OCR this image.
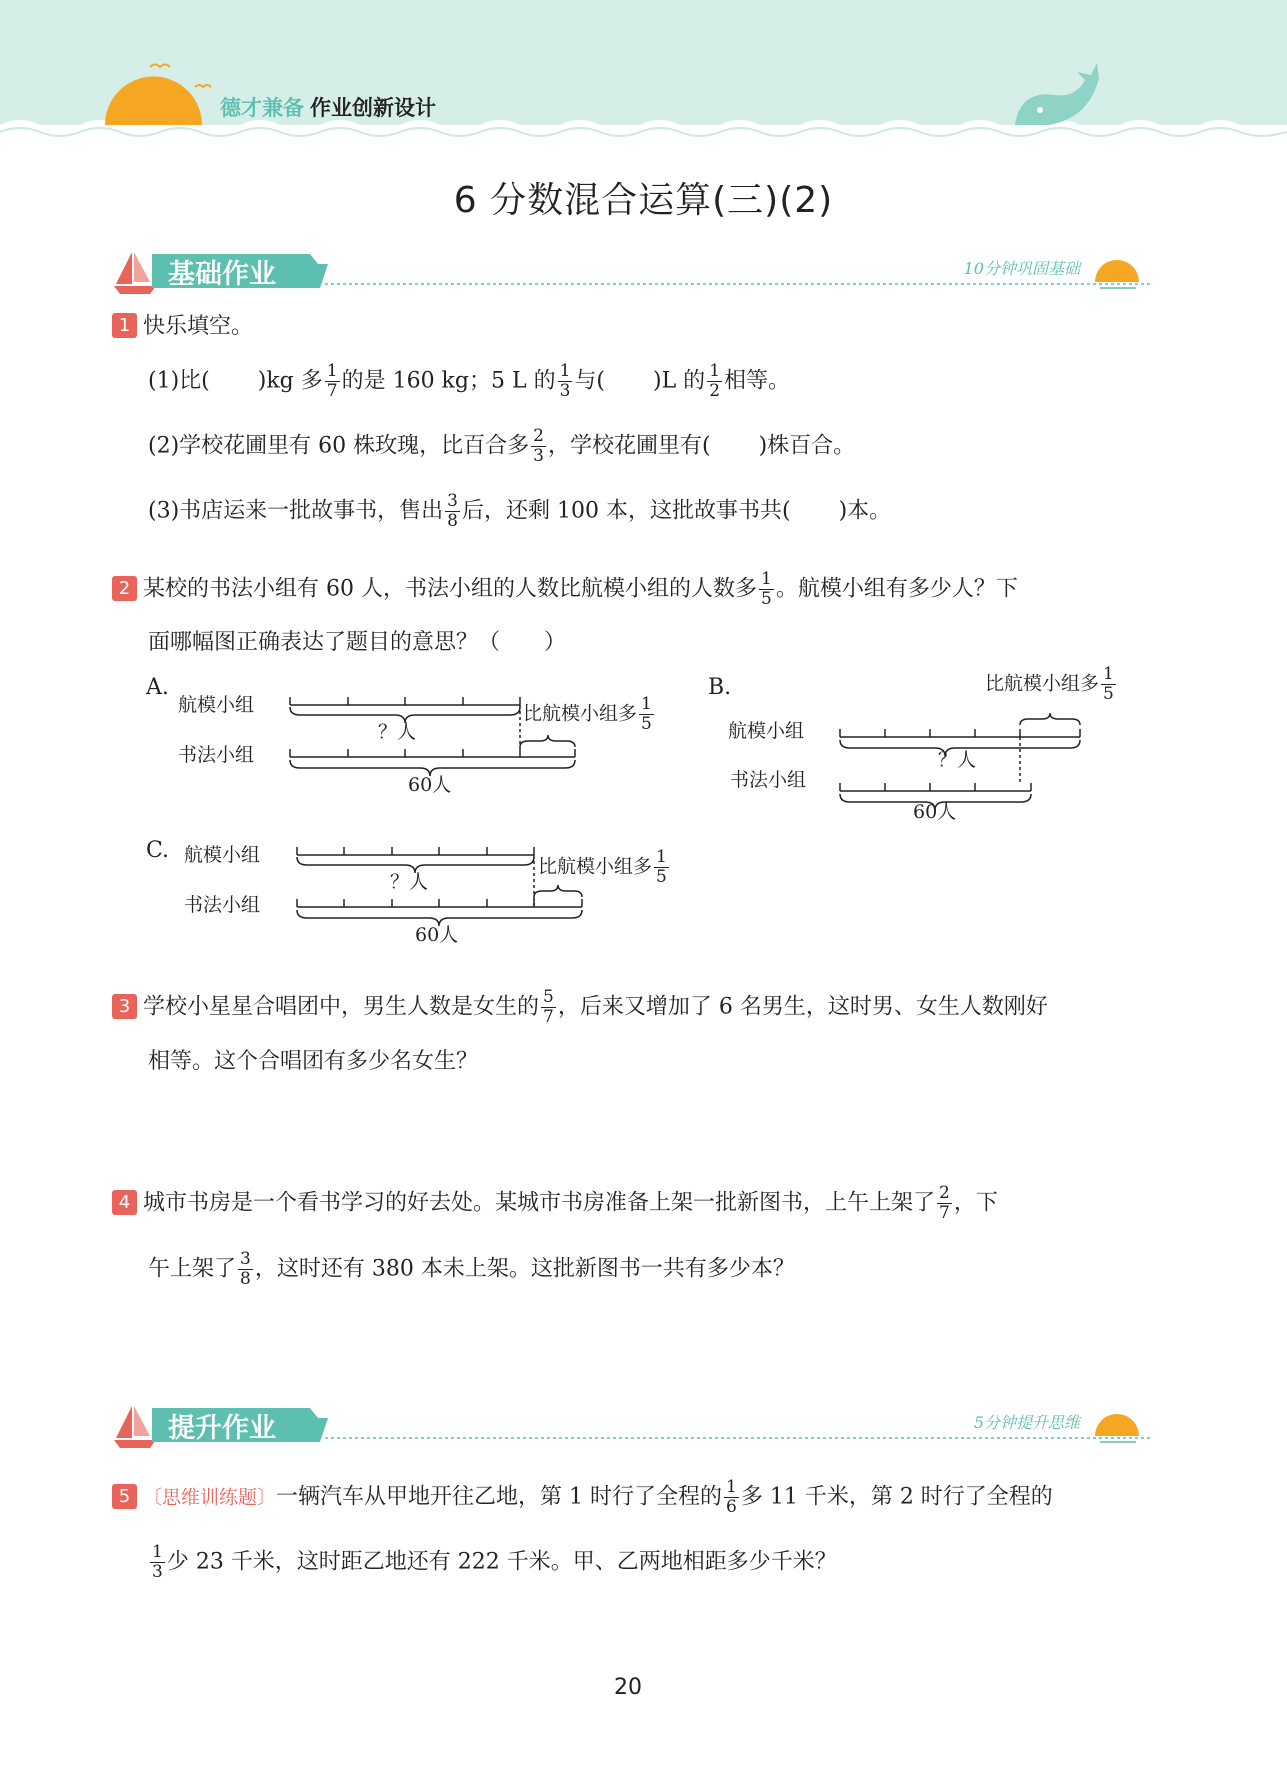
德才兼备 作业创新设计
6 分数混合运算(三)(2)
基础作业	10分钟巩固基础
1 快乐填空。
(1)比( )kg 多 $\frac{1}{7}$ 的是 160 kg；5 L 的 $\frac{1}{3}$ 与( )L 的 $\frac{1}{2}$ 相等。
(2)学校花圃里有 60 株玫瑰，比百合多 $\frac{2}{3}$ ，学校花圃里有( )株百合。
(3)书店运来一批故事书，售出 $\frac{3}{8}$ 后，还剩 100 本，这批故事书共( )本。
2 某校的书法小组有 60 人，书法小组的人数比航模小组的人数多 $\frac{1}{5}$ 。航模小组有多少人？下
面哪幅图正确表达了题目的意思？（　　）
A.
航模小组
书法小组
？人
60人
比航模小组多 $\frac{1}{5}$
B.
航模小组
书法小组
？人
60人
比航模小组多 $\frac{1}{5}$
C. 航模小组
书法小组
？人
60人
比航模小组多 $\frac{1}{5}$
3 学校小星星合唱团中，男生人数是女生的 $\frac{5}{7}$ ，后来又增加了 6 名男生，这时男、女生人数刚好
相等。这个合唱团有多少名女生？
4 城市书房是一个看书学习的好去处。某城市书房准备上架一批新图书，上午上架了 $\frac{2}{7}$ ，下
午上架了 $\frac{3}{8}$ ，这时还有 380 本未上架。这批新图书一共有多少本？
提升作业	5分钟提升思维
5 〔思维训练题〕一辆汽车从甲地开往乙地，第 1 时行了全程的 $\frac{1}{6}$ 多 11 千米，第 2 时行了全程的
$\frac{1}{3}$ 少 23 千米，这时距乙地还有 222 千米。甲、乙两地相距多少千米？
20
